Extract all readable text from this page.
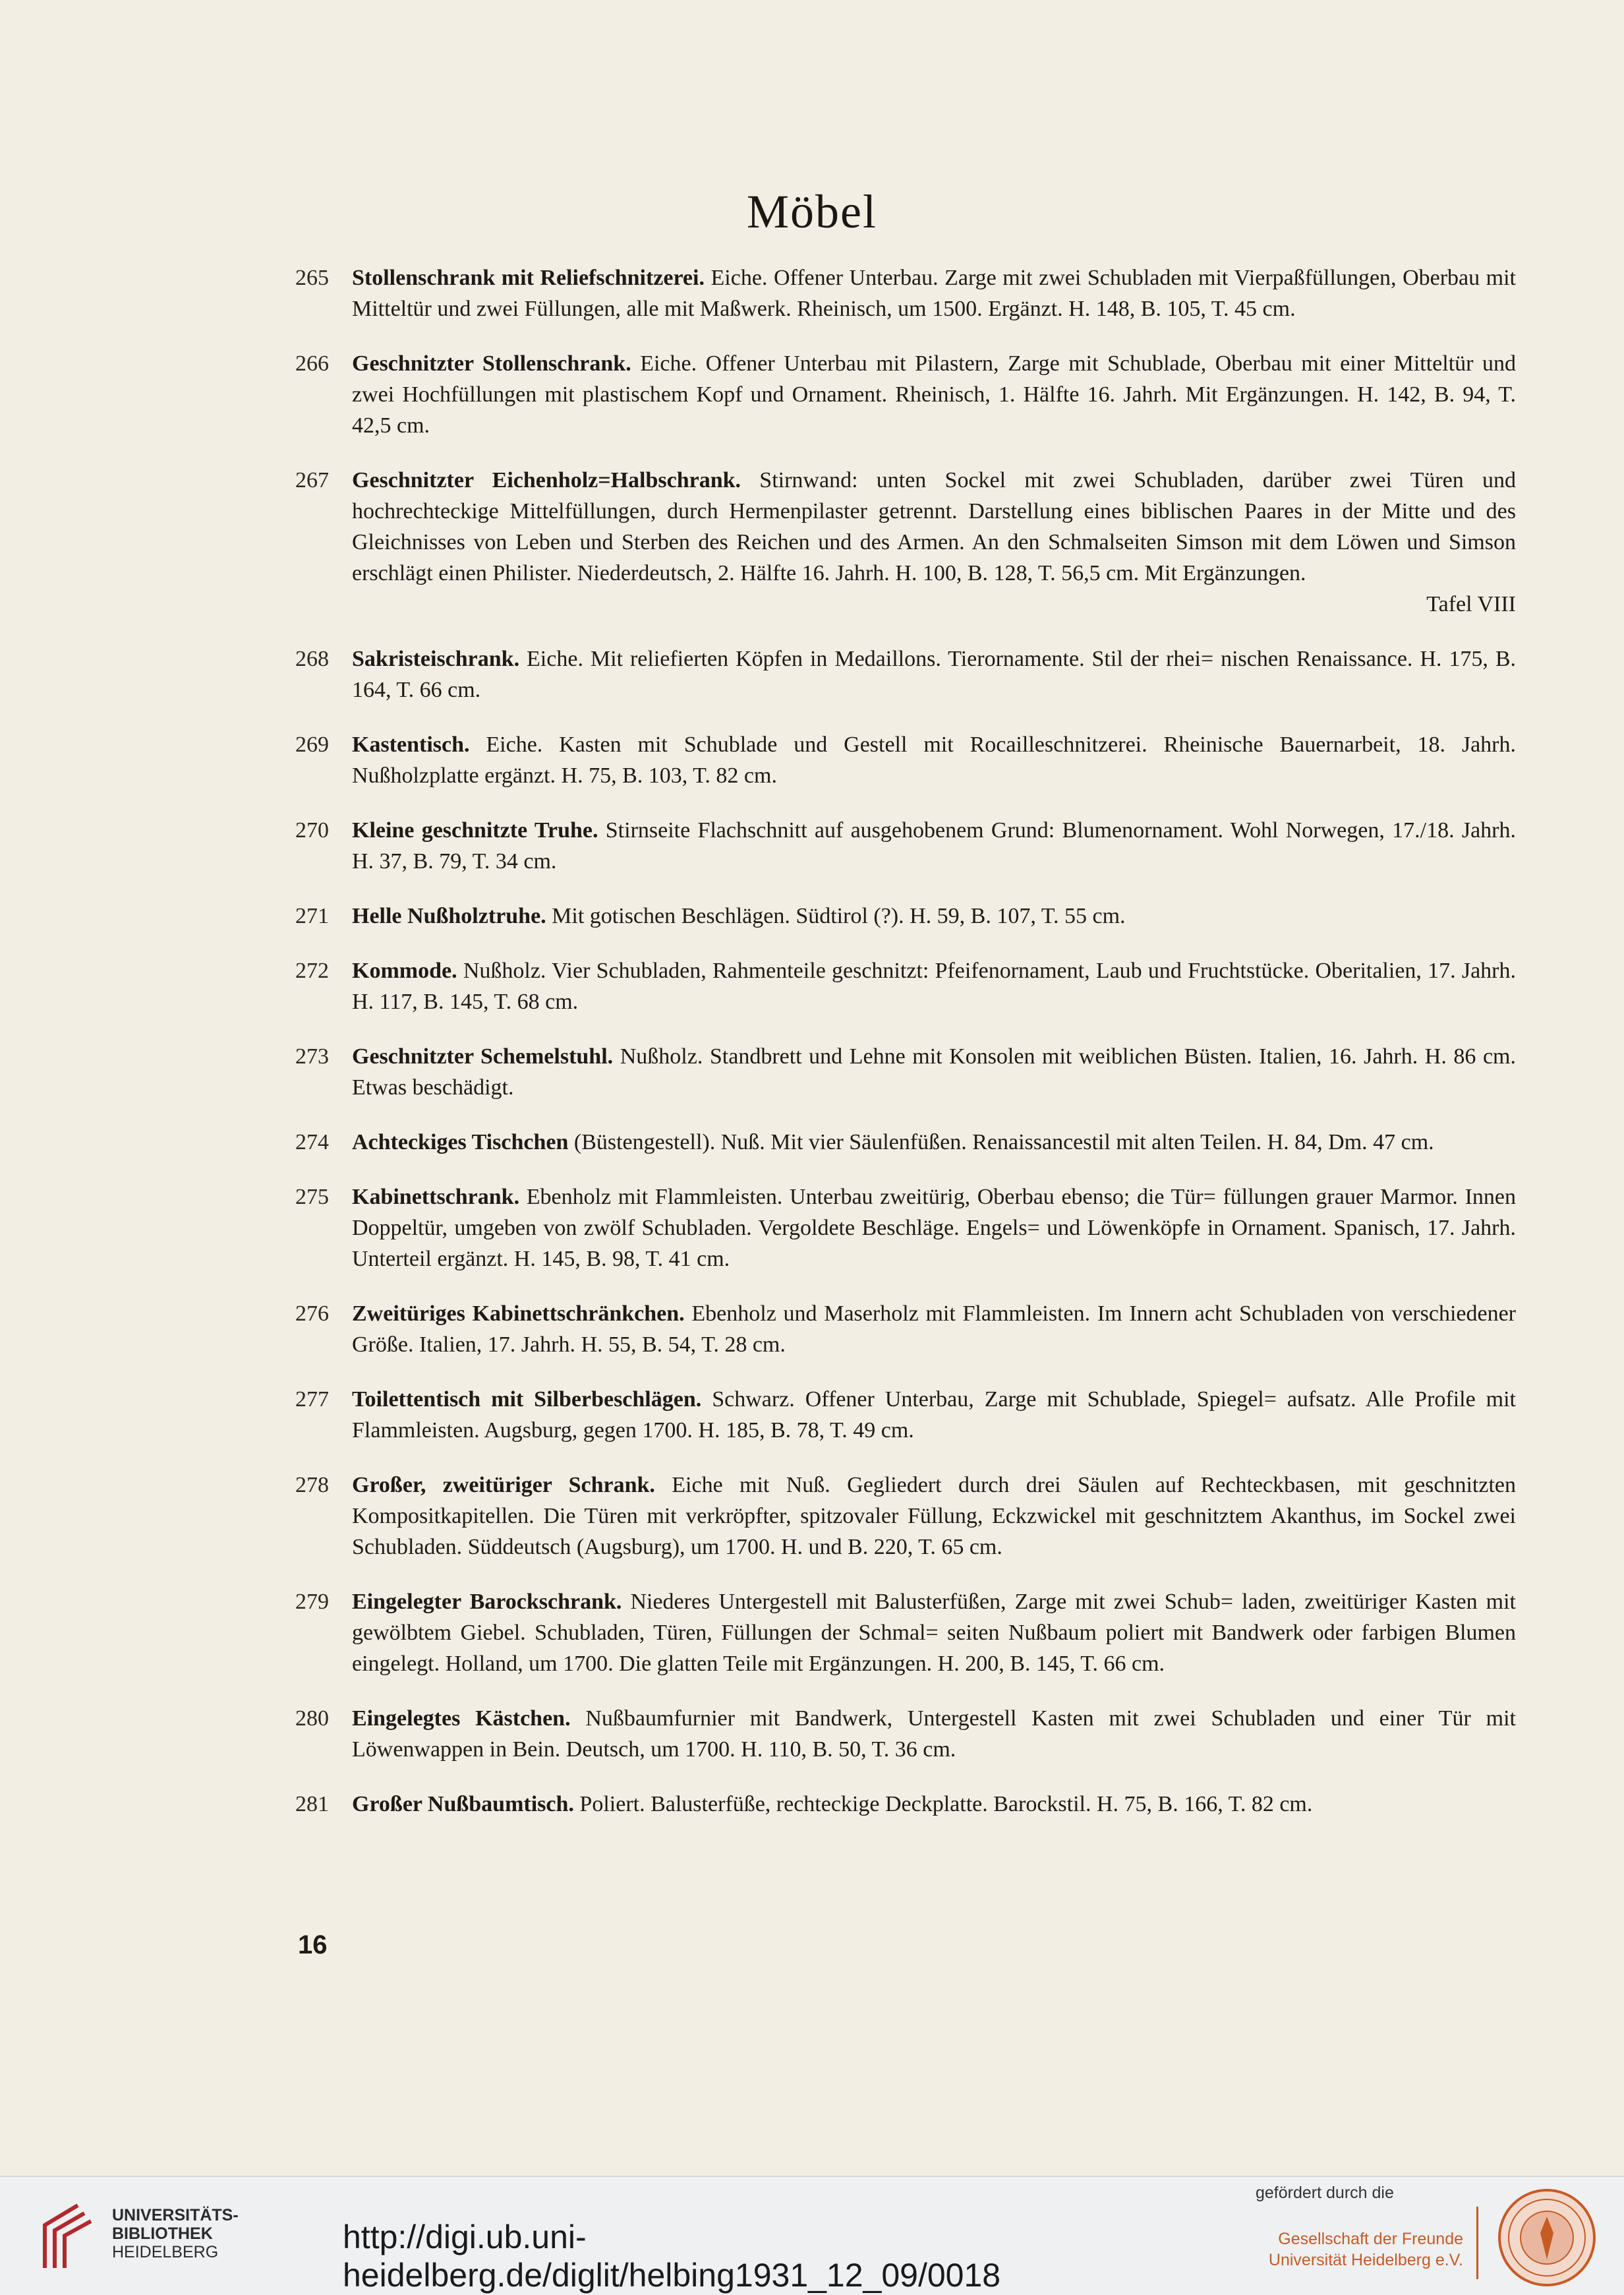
Möbel
265	Stollenschrank mit Reliefschnitzerei. Eiche. Offener Unterbau. Zarge mit zwei Schubladen mit Vierpaßfüllungen, Oberbau mit Mitteltür und zwei Füllungen, alle mit Maßwerk. Rheinisch, um 1500. Ergänzt. H. 148, B. 105, T. 45 cm.
266	Geschnitzter Stollenschrank. Eiche. Offener Unterbau mit Pilastern, Zarge mit Schublade, Oberbau mit einer Mitteltür und zwei Hochfüllungen mit plastischem Kopf und Ornament. Rheinisch, 1. Hälfte 16. Jahrh. Mit Ergänzungen. H. 142, B. 94, T. 42,5 cm.
267	Geschnitzter Eichenholz=Halbschrank. Stirnwand: unten Sockel mit zwei Schubladen, darüber zwei Türen und hochrechteckige Mittelfüllungen, durch Hermenpilaster getrennt. Darstellung eines biblischen Paares in der Mitte und des Gleichnisses von Leben und Sterben des Reichen und des Armen. An den Schmalseiten Simson mit dem Löwen und Simson erschlägt einen Philister. Niederdeutsch, 2. Hälfte 16. Jahrh. H. 100, B. 128, T. 56,5 cm. Mit Ergänzungen.
Tafel VIII
268	Sakristeischrank. Eiche. Mit reliefierten Köpfen in Medaillons. Tierornamente. Stil der rhei= nischen Renaissance. H. 175, B. 164, T. 66 cm.
269	Kastentisch. Eiche. Kasten mit Schublade und Gestell mit Rocailleschnitzerei. Rheinische Bauernarbeit, 18. Jahrh. Nußholzplatte ergänzt. H. 75, B. 103, T. 82 cm.
270	Kleine geschnitzte Truhe. Stirnseite Flachschnitt auf ausgehobenem Grund: Blumenornament. Wohl Norwegen, 17./18. Jahrh. H. 37, B. 79, T. 34 cm.
271	Helle Nußholztruhe. Mit gotischen Beschlägen. Südtirol (?). H. 59, B. 107, T. 55 cm.
272	Kommode. Nußholz. Vier Schubladen, Rahmenteile geschnitzt: Pfeifenornament, Laub und Fruchtstücke. Oberitalien, 17. Jahrh. H. 117, B. 145, T. 68 cm.
273	Geschnitzter Schemelstuhl. Nußholz. Standbrett und Lehne mit Konsolen mit weiblichen Büsten. Italien, 16. Jahrh. H. 86 cm. Etwas beschädigt.
274	Achteckiges Tischchen (Büstengestell). Nuß. Mit vier Säulenfüßen. Renaissancestil mit alten Teilen. H. 84, Dm. 47 cm.
275	Kabinettschrank. Ebenholz mit Flammleisten. Unterbau zweitürig, Oberbau ebenso; die Tür= füllungen grauer Marmor. Innen Doppeltür, umgeben von zwölf Schubladen. Vergoldete Beschläge. Engels= und Löwenköpfe in Ornament. Spanisch, 17. Jahrh. Unterteil ergänzt. H. 145, B. 98, T. 41 cm.
276	Zweitüriges Kabinettschränkchen. Ebenholz und Maserholz mit Flammleisten. Im Innern acht Schubladen von verschiedener Größe. Italien, 17. Jahrh. H. 55, B. 54, T. 28 cm.
277	Toilettentisch mit Silberbeschlägen. Schwarz. Offener Unterbau, Zarge mit Schublade, Spiegel= aufsatz. Alle Profile mit Flammleisten. Augsburg, gegen 1700. H. 185, B. 78, T. 49 cm.
278	Großer, zweitüriger Schrank. Eiche mit Nuß. Gegliedert durch drei Säulen auf Rechteckbasen, mit geschnitzten Kompositkapitellen. Die Türen mit verkröpfter, spitzovaler Füllung, Eckzwickel mit geschnitztem Akanthus, im Sockel zwei Schubladen. Süddeutsch (Augsburg), um 1700. H. und B. 220, T. 65 cm.
279	Eingelegter Barockschrank. Niederes Untergestell mit Balusterfüßen, Zarge mit zwei Schub= laden, zweitüriger Kasten mit gewölbtem Giebel. Schubladen, Türen, Füllungen der Schmal= seiten Nußbaum poliert mit Bandwerk oder farbigen Blumen eingelegt. Holland, um 1700. Die glatten Teile mit Ergänzungen. H. 200, B. 145, T. 66 cm.
280	Eingelegtes Kästchen. Nußbaumfurnier mit Bandwerk, Untergestell Kasten mit zwei Schubladen und einer Tür mit Löwenwappen in Bein. Deutsch, um 1700. H. 110, B. 50, T. 36 cm.
281	Großer Nußbaumtisch. Poliert. Balusterfüße, rechteckige Deckplatte. Barockstil. H. 75, B. 166, T. 82 cm.
16
UNIVERSITÄTS-
BIBLIOTHEK
HEIDELBERG	http://digi.ub.uni-heidelberg.de/diglit/helbing1931_12_09/0018
gefördert durch die
Gesellschaft der Freunde
Universität Heidelberg e.V.
